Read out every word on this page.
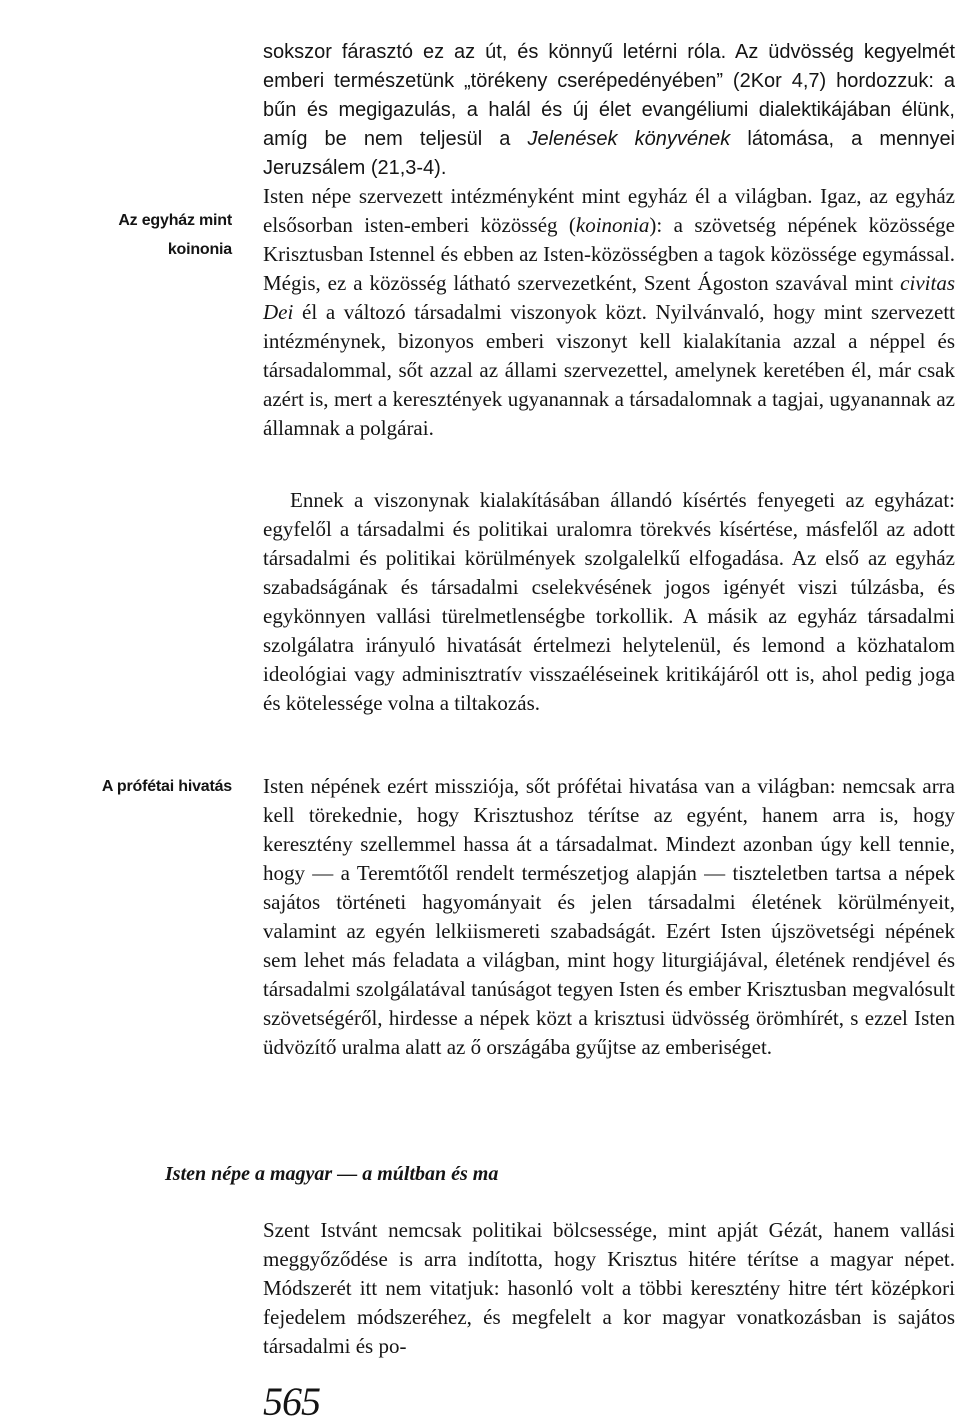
Az egyház mint
koinonia
A prófétai hivatás

sokszor fárasztó ez az út, és könnyű letérni róla. Az üdvösség kegyelmét emberi természetünk „törékeny cserépedényében” (2Kor 4,7) hordozzuk: a bűn és megigazulás, a halál és új élet evangéliumi dialektikájában élünk, amíg be nem teljesül a Jelenések könyvének látomása, a mennyei Jeruzsálem (21,3-4).

Isten népe szervezett intézményként mint egyház él a világban. Igaz, az egyház elsősorban isten-emberi közösség (koinonia): a szövetség népének közössége Krisztusban Istennel és ebben az Isten-közösségben a tagok közössége egymással. Mégis, ez a közösség látható szervezetként, Szent Ágoston szavával mint civitas Dei él a változó társadalmi viszonyok közt. Nyilvánvaló, hogy mint szervezett intézménynek, bizonyos emberi viszonyt kell kialakítania azzal a néppel és társadalommal, sőt azzal az állami szervezettel, amelynek keretében él, már csak azért is, mert a keresztények ugyanannak a társadalomnak a tagjai, ugyanannak az államnak a polgárai.

Ennek a viszonynak kialakításában állandó kísértés fenyegeti az egyházat: egyfelől a társadalmi és politikai uralomra törekvés kísértése, másfelől az adott társadalmi és politikai körülmények szolgalelkű elfogadása. Az első az egyház szabadságának és társadalmi cselekvésének jogos igényét viszi túlzásba, és egykönnyen vallási türelmetlenségbe torkollik. A másik az egyház társadalmi szolgálatra irányuló hivatását értelmezi helytelenül, és lemond a közhatalom ideológiai vagy adminisztratív visszaéléseinek kritikájáról ott is, ahol pedig joga és kötelessége volna a tiltakozás.

Isten népének ezért missziója, sőt prófétai hivatása van a világban: nemcsak arra kell törekednie, hogy Krisztushoz térítse az egyént, hanem arra is, hogy keresztény szellemmel hassa át a társadalmat. Mindezt azonban úgy kell tennie, hogy — a Teremtőtől rendelt természetjog alapján — tiszteletben tartsa a népek sajátos történeti hagyományait és jelen társadalmi életének körülményeit, valamint az egyén lelkiismereti szabadságát. Ezért Isten újszövetségi népének sem lehet más feladata a világban, mint hogy liturgiájával, életének rendjével és társadalmi szolgálatával tanúságot tegyen Isten és ember Krisztusban megvalósult szövetségéről, hirdesse a népek közt a krisztusi üdvösség örömhírét, s ezzel Isten üdvözítő uralma alatt az ő országába gyűjtse az emberiséget.

Isten népe a magyar — a múltban és ma

Szent Istvánt nemcsak politikai bölcsessége, mint apját Gézát, hanem vallási meggyőződése is arra indította, hogy Krisztus hitére térítse a magyar népet. Módszerét itt nem vitatjuk: hasonló volt a többi keresztény hitre tért középkori fejedelem módszeréhez, és megfelelt a kor magyar vonatkozásban is sajátos társadalmi és po-

565
